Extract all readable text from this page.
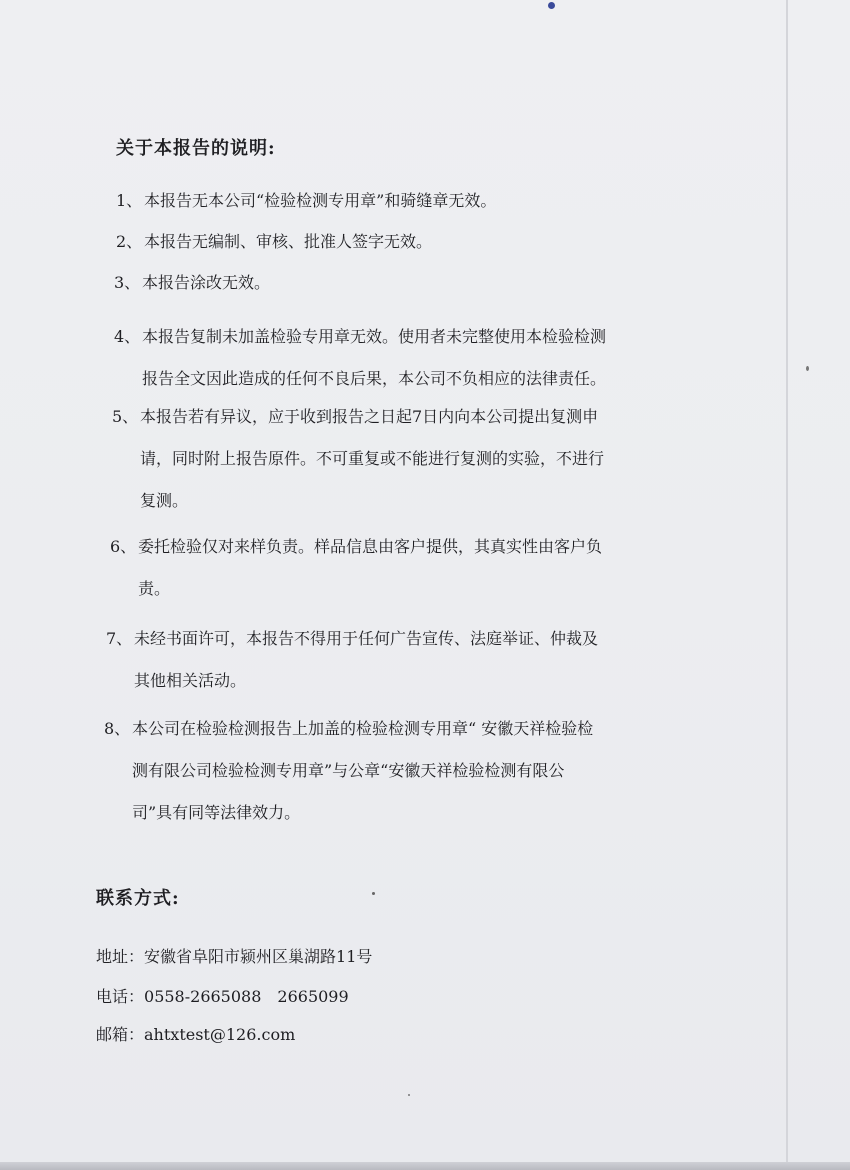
关于本报告的说明:
1、 本报告无本公司“检验检测专用章”和骑缝章无效。
2、 本报告无编制、审核、批准人签字无效。
3、 本报告涂改无效。
4、 本报告复制未加盖检验专用章无效。使用者未完整使用本检验检测
报告全文因此造成的任何不良后果，本公司不负相应的法律责任。
5、 本报告若有异议，应于收到报告之日起7日内向本公司提出复测申
请，同时附上报告原件。不可重复或不能进行复测的实验，不进行
复测。
6、 委托检验仅对来样负责。样品信息由客户提供，其真实性由客户负
责。
7、 未经书面许可，本报告不得用于任何广告宣传、法庭举证、仲裁及
其他相关活动。
8、 本公司在检验检测报告上加盖的检验检测专用章“ 安徽天祥检验检
测有限公司检验检测专用章”与公章“安徽天祥检验检测有限公
司”具有同等法律效力。
联系方式:
地址：安徽省阜阳市颍州区巢湖路11号
电话：0558-2665088　2665099
邮箱：ahtxtest@126.com
